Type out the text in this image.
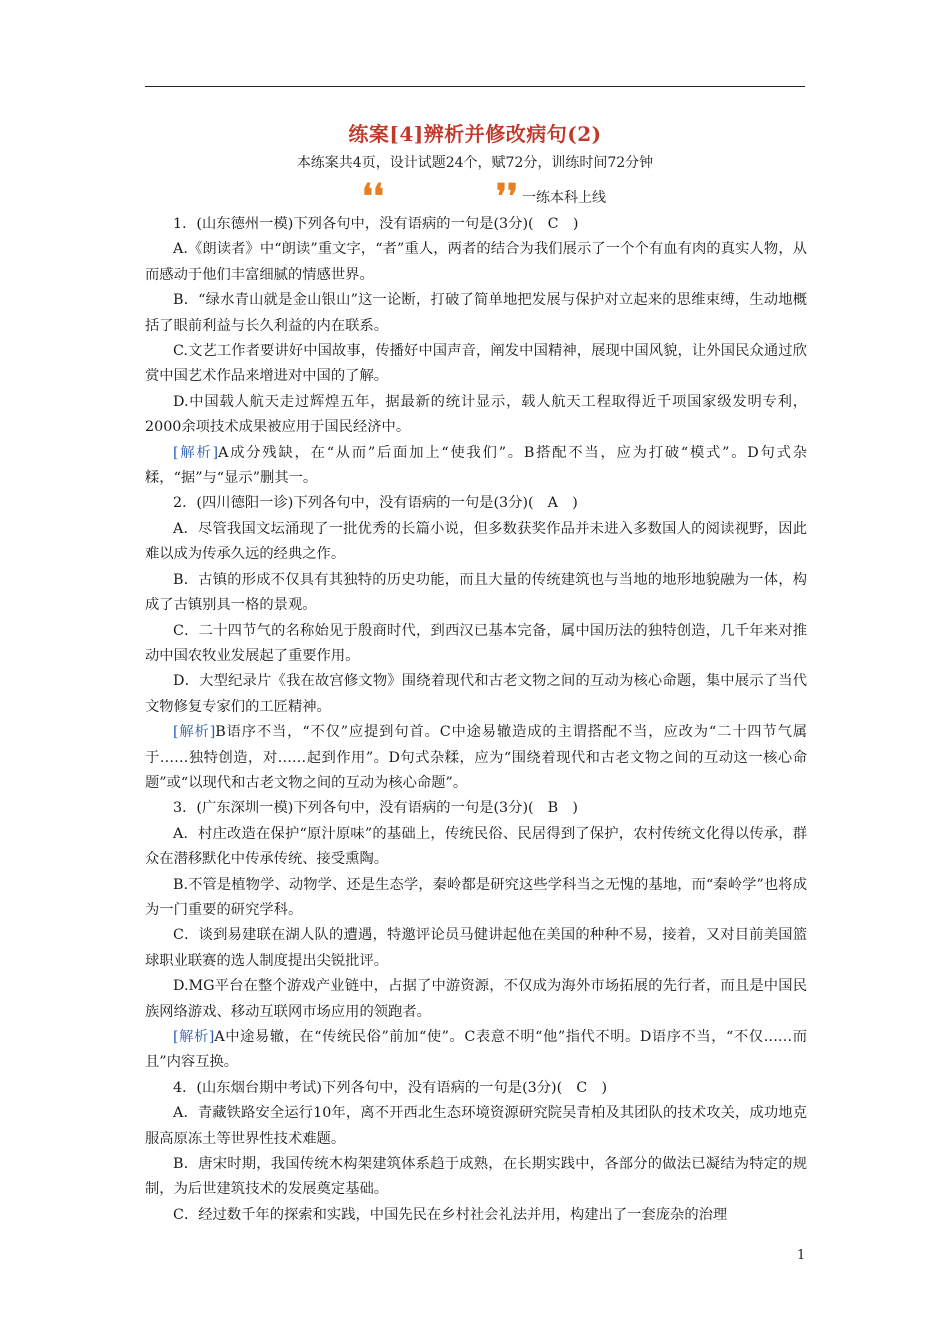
练案[4]辨析并修改病句(2)
本练案共4页，设计试题24个，赋72分，训练时间72分钟
❛❛	❜❜ 一练本科上线

1．(山东德州一模)下列各句中，没有语病的一句是(3分)( C　)

A.《朗读者》中“朗读”重文字，“者”重人，两者的结合为我们展示了一个个有血有肉的真实人物，从而感动于他们丰富细腻的情感世界。

B．“绿水青山就是金山银山”这一论断，打破了简单地把发展与保护对立起来的思维束缚，生动地概括了眼前利益与长久利益的内在联系。

C.文艺工作者要讲好中国故事，传播好中国声音，阐发中国精神，展现中国风貌，让外国民众通过欣赏中国艺术作品来增进对中国的了解。

D.中国载人航天走过辉煌五年，据最新的统计显示，载人航天工程取得近千项国家级发明专利，2000余项技术成果被应用于国民经济中。

[解析]A成分残缺，在“从而”后面加上“使我们”。B搭配不当，应为打破“模式”。D句式杂糅，“据”与“显示”删其一。

2．(四川德阳一诊)下列各句中，没有语病的一句是(3分)( A　)

A．尽管我国文坛涌现了一批优秀的长篇小说，但多数获奖作品并未进入多数国人的阅读视野，因此难以成为传承久远的经典之作。

B．古镇的形成不仅具有其独特的历史功能，而且大量的传统建筑也与当地的地形地貌融为一体，构成了古镇别具一格的景观。

C．二十四节气的名称始见于殷商时代，到西汉已基本完备，属中国历法的独特创造，几千年来对推动中国农牧业发展起了重要作用。

D．大型纪录片《我在故宫修文物》围绕着现代和古老文物之间的互动为核心命题，集中展示了当代文物修复专家们的工匠精神。

[解析]B语序不当，“不仅”应提到句首。C中途易辙造成的主谓搭配不当，应改为“二十四节气属于……独特创造，对……起到作用”。D句式杂糅，应为“围绕着现代和古老文物之间的互动这一核心命题”或“以现代和古老文物之间的互动为核心命题”。

3．(广东深圳一模)下列各句中，没有语病的一句是(3分)( B　)

A．村庄改造在保护“原汁原味”的基础上，传统民俗、民居得到了保护，农村传统文化得以传承，群众在潜移默化中传承传统、接受熏陶。

B.不管是植物学、动物学、还是生态学，秦岭都是研究这些学科当之无愧的基地，而“秦岭学”也将成为一门重要的研究学科。

C．谈到易建联在湖人队的遭遇，特邀评论员马健讲起他在美国的种种不易，接着，又对目前美国篮球职业联赛的选人制度提出尖锐批评。

D.MG平台在整个游戏产业链中，占据了中游资源，不仅成为海外市场拓展的先行者，而且是中国民族网络游戏、移动互联网市场应用的领跑者。

[解析]A中途易辙，在“传统民俗”前加“使”。C表意不明“他”指代不明。D语序不当，“不仅……而且”内容互换。

4．(山东烟台期中考试)下列各句中，没有语病的一句是(3分)( C　)

A．青藏铁路安全运行10年，离不开西北生态环境资源研究院吴青柏及其团队的技术攻关，成功地克服高原冻土等世界性技术难题。

B．唐宋时期，我国传统木构架建筑体系趋于成熟，在长期实践中，各部分的做法已凝结为特定的规制，为后世建筑技术的发展奠定基础。

C．经过数千年的探索和实践，中国先民在乡村社会礼法并用，构建出了一套庞杂的治理

1
